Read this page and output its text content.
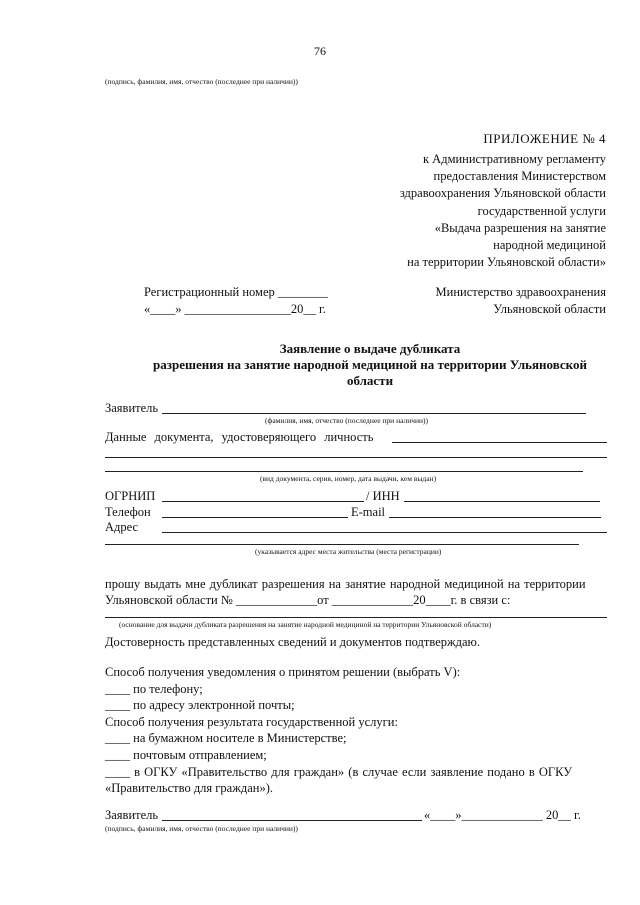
76
(подпись, фамилия, имя, отчество (последнее при наличии))
ПРИЛОЖЕНИЕ № 4
к Административному регламенту
предоставления Министерством
здравоохранения Ульяновской области
государственной услуги
«Выдача разрешения на занятие
народной медициной
на территории Ульяновской области»
Регистрационный номер ________
«____» _________________20__ г.
Министерство здравоохранения
Ульяновской области
Заявление о выдаче дубликата
разрешения на занятие народной медициной на территории Ульяновской
области
Заявитель
(фамилия, имя, отчество (последнее при наличии))
Данные документа, удостоверяющего личность
(вид документа, серия, номер, дата выдачи, кем выдан)
ОГРНИП	/ ИНН
Телефон	E-mail
Адрес
(указывается адрес места жительства (места регистрации)
прошу выдать мне дубликат разрешения на занятие народной медициной на территории
Ульяновской области № _____________от _____________20____г. в связи с:
(основание для выдачи дубликата разрешения на занятие народной медициной на территории Ульяновской области)
Достоверность представленных сведений и документов подтверждаю.
Способ получения уведомления о принятом решении (выбрать V):
____ по телефону;
____ по адресу электронной почты;
Способ получения результата государственной услуги:
____ на бумажном носителе в Министерстве;
____ почтовым отправлением;
____ в ОГКУ «Правительство для граждан» (в случае если заявление подано в ОГКУ
«Правительство для граждан»).
Заявитель	«____»_____________ 20__ г.
(подпись, фамилия, имя, отчество (последнее при наличии))
